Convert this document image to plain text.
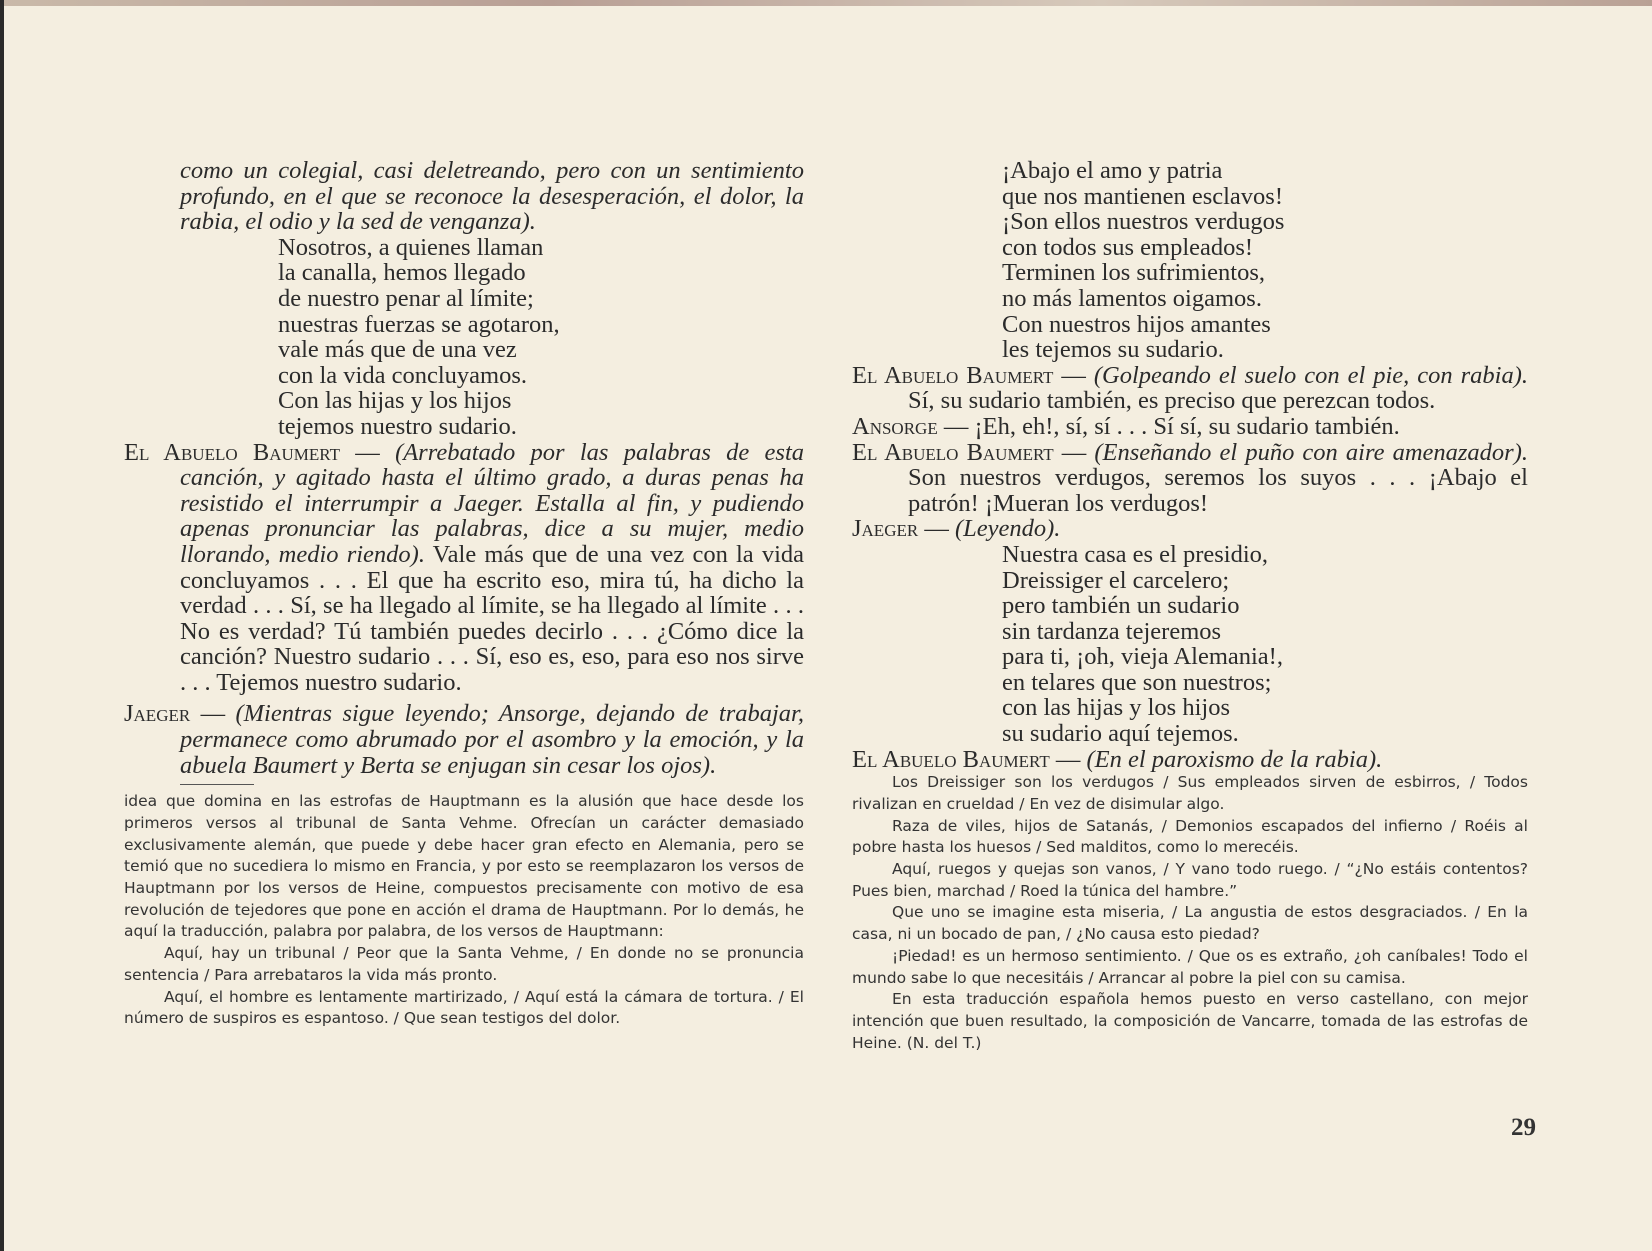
como un colegial, casi deletreando, pero con un sentimiento profundo, en el que se reconoce la desesperación, el dolor, la rabia, el odio y la sed de venganza).

Nosotros, a quienes llaman
la canalla, hemos llegado
de nuestro penar al límite;
nuestras fuerzas se agotaron,
vale más que de una vez
con la vida concluyamos.
Con las hijas y los hijos
tejemos nuestro sudario.

El Abuelo Baumert — (Arrebatado por las palabras de esta canción, y agitado hasta el último grado, a duras penas ha resistido el interrumpir a Jaeger. Estalla al fin, y pudiendo apenas pronunciar las palabras, dice a su mujer, medio llorando, medio riendo). Vale más que de una vez con la vida concluyamos . . . El que ha escrito eso, mira tú, ha dicho la verdad . . . Sí, se ha llegado al límite, se ha llegado al límite . . . No es verdad? Tú también puedes decirlo . . . ¿Cómo dice la canción? Nuestro sudario . . . Sí, eso es, eso, para eso nos sirve . . . Tejemos nuestro sudario.

Jaeger — (Mientras sigue leyendo; Ansorge, dejando de trabajar, permanece como abrumado por el asombro y la emoción, y la abuela Baumert y Berta se enjugan sin cesar los ojos).

idea que domina en las estrofas de Hauptmann es la alusión que hace desde los primeros versos al tribunal de Santa Vehme. Ofrecían un carácter demasiado exclusivamente alemán, que puede y debe hacer gran efecto en Alemania, pero se temió que no sucediera lo mismo en Francia, y por esto se reemplazaron los versos de Hauptmann por los versos de Heine, compuestos precisamente con motivo de esa revolución de tejedores que pone en acción el drama de Hauptmann. Por lo demás, he aquí la traducción, palabra por palabra, de los versos de Hauptmann:

Aquí, hay un tribunal / Peor que la Santa Vehme, / En donde no se pronuncia sentencia / Para arrebataros la vida más pronto.

Aquí, el hombre es lentamente martirizado, / Aquí está la cámara de tortura. / El número de suspiros es espantoso. / Que sean testigos del dolor.

¡Abajo el amo y patria
que nos mantienen esclavos!
¡Son ellos nuestros verdugos
con todos sus empleados!
Terminen los sufrimientos,
no más lamentos oigamos.
Con nuestros hijos amantes
les tejemos su sudario.

El Abuelo Baumert — (Golpeando el suelo con el pie, con rabia). Sí, su sudario también, es preciso que perezcan todos.

Ansorge — ¡Eh, eh!, sí, sí . . . Sí sí, su sudario también.

El Abuelo Baumert — (Enseñando el puño con aire amenazador). Son nuestros verdugos, seremos los suyos . . . ¡Abajo el patrón! ¡Mueran los verdugos!

Jaeger — (Leyendo).

Nuestra casa es el presidio,
Dreissiger el carcelero;
pero también un sudario
sin tardanza tejeremos
para ti, ¡oh, vieja Alemania!,
en telares que son nuestros;
con las hijas y los hijos
su sudario aquí tejemos.

El Abuelo Baumert — (En el paroxismo de la rabia).

Los Dreissiger son los verdugos / Sus empleados sirven de esbirros, / Todos rivalizan en crueldad / En vez de disimular algo.

Raza de viles, hijos de Satanás, / Demonios escapados del infierno / Roéis al pobre hasta los huesos / Sed malditos, como lo merecéis.

Aquí, ruegos y quejas son vanos, / Y vano todo ruego. / “¿No estáis contentos? Pues bien, marchad / Roed la túnica del hambre.”

Que uno se imagine esta miseria, / La angustia de estos desgraciados. / En la casa, ni un bocado de pan, / ¿No causa esto piedad?

¡Piedad! es un hermoso sentimiento. / Que os es extraño, ¿oh caníbales! Todo el mundo sabe lo que necesitáis / Arrancar al pobre la piel con su camisa.

En esta traducción española hemos puesto en verso castellano, con mejor intención que buen resultado, la composición de Vancarre, tomada de las estrofas de Heine. (N. del T.)

29
